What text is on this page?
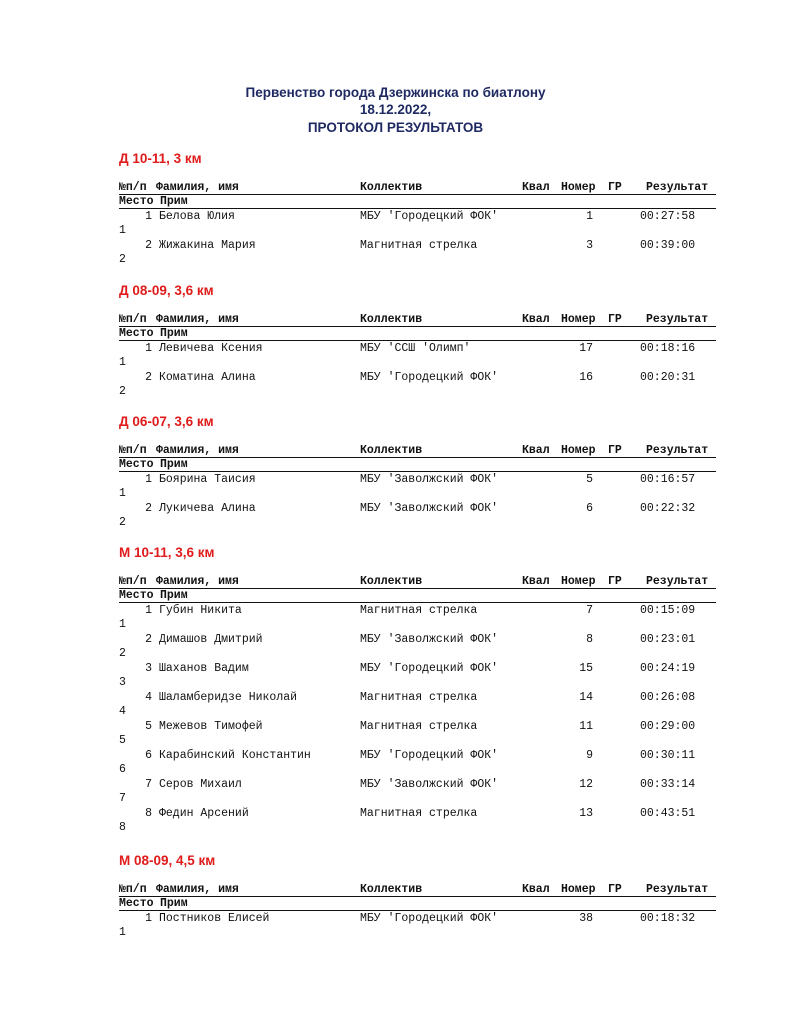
Первенство города Дзержинска по биатлону
18.12.2022,
ПРОТОКОЛ РЕЗУЛЬТАТОВ
Д 10-11, 3 км
№п/п Фамилия, имя	Коллектив	Квал Номер ГР Результат
Место Прим
1 Белова Юлия	МБУ 'Городецкий ФОК'	1	00:27:58
1
2 Жижакина Мария	Магнитная стрелка	3	00:39:00
2
Д 08-09, 3,6 км
№п/п Фамилия, имя	Коллектив	Квал Номер ГР Результат
Место Прим
1 Левичева Ксения	МБУ 'ССШ 'Олимп'	17	00:18:16
1
2 Коматина Алина	МБУ 'Городецкий ФОК'	16	00:20:31
2
Д 06-07, 3,6 км
№п/п Фамилия, имя	Коллектив	Квал Номер ГР Результат
Место Прим
1 Боярина Таисия	МБУ 'Заволжский ФОК'	5	00:16:57
1
2 Лукичева Алина	МБУ 'Заволжский ФОК'	6	00:22:32
2
М 10-11, 3,6 км
№п/п Фамилия, имя	Коллектив	Квал Номер ГР Результат
Место Прим
1 Губин Никита	Магнитная стрелка	7	00:15:09
1
2 Димашов Дмитрий	МБУ 'Заволжский ФОК'	8	00:23:01
2
3 Шаханов Вадим	МБУ 'Городецкий ФОК'	15	00:24:19
3
4 Шаламберидзе Николай	Магнитная стрелка	14	00:26:08
4
5 Межевов Тимофей	Магнитная стрелка	11	00:29:00
5
6 Карабинский Константин	МБУ 'Городецкий ФОК'	9	00:30:11
6
7 Серов Михаил	МБУ 'Заволжский ФОК'	12	00:33:14
7
8 Федин Арсений	Магнитная стрелка	13	00:43:51
8
М 08-09, 4,5 км
№п/п Фамилия, имя	Коллектив	Квал Номер ГР Результат
Место Прим
1 Постников Елисей	МБУ 'Городецкий ФОК'	38	00:18:32
1
